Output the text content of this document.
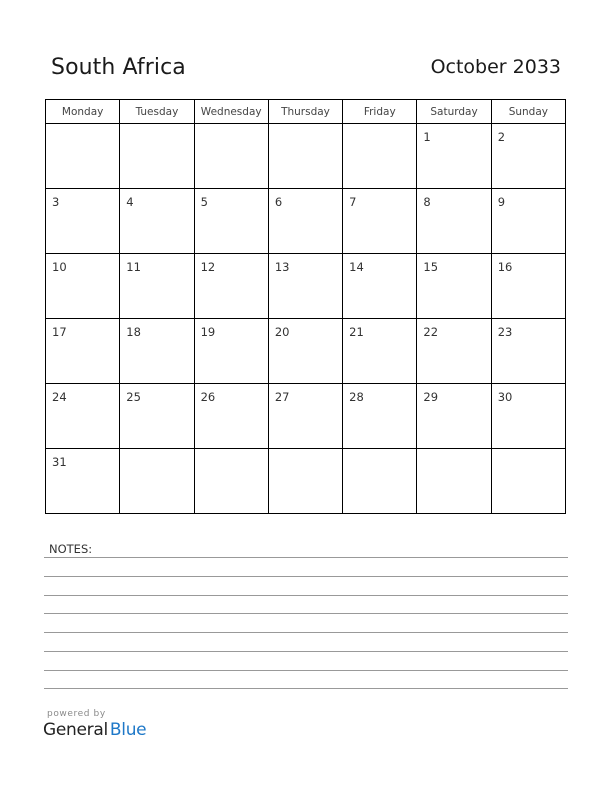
South Africa	October 2033
Monday	Tuesday	Wednesday	Thursday	Friday	Saturday	Sunday

					1	2

3	4	5	6	7	8	9

10	11	12	13	14	15	16

17	18	19	20	21	22	23

24	25	26	27	28	29	30

31						

NOTES:
powered by
General Blue
